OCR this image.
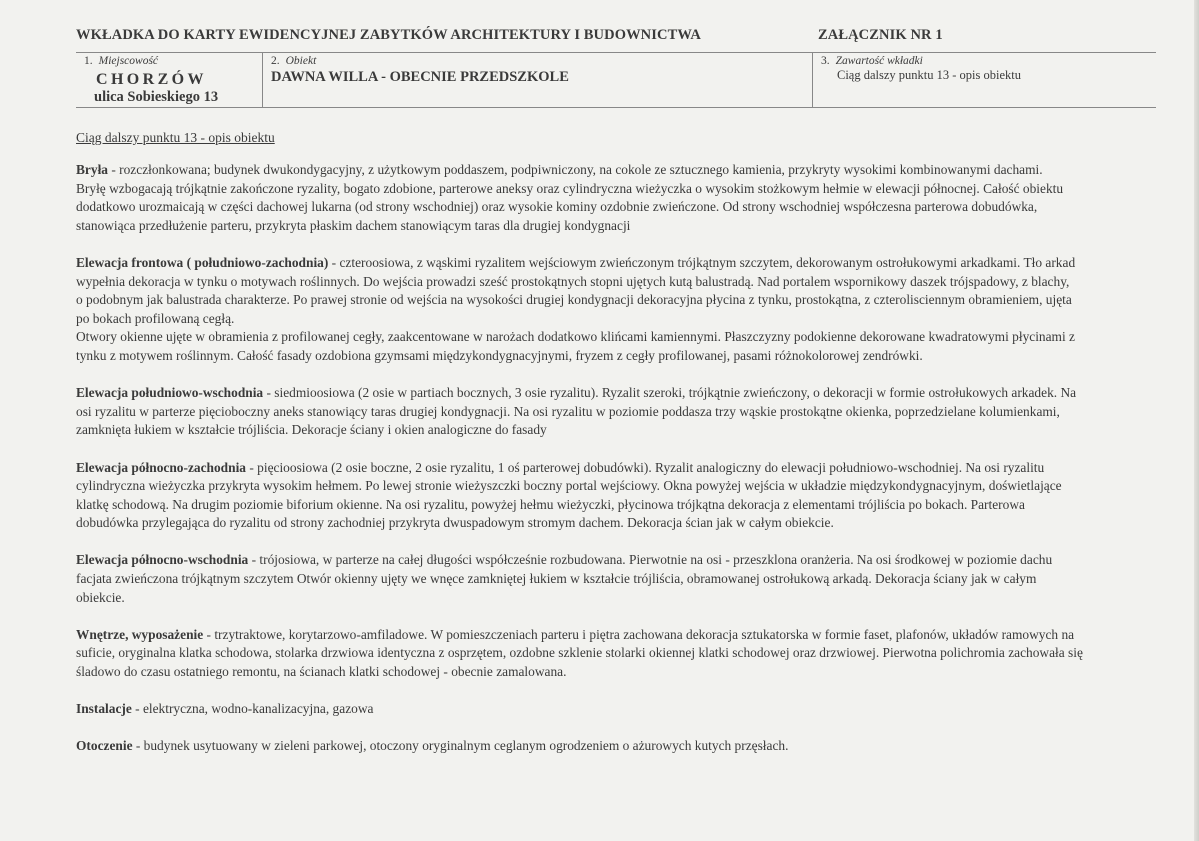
WKŁADKA DO KARTY EWIDENCYJNEJ ZABYTKÓW ARCHITEKTURY I BUDOWNICTWA	ZAŁĄCZNIK NR 1
1. Miejscowość
CHORZÓW
ulica Sobieskiego 13
2. Obiekt
DAWNA WILLA - OBECNIE PRZEDSZKOLE
3. Zawartość wkładki
Ciąg dalszy punktu 13 - opis obiektu
Ciąg dalszy punktu 13 - opis obiektu

Bryła - rozczłonkowana; budynek dwukondygacyjny, z użytkowym poddaszem, podpiwniczony, na cokole ze sztucznego kamienia, przykryty wysokimi kombinowanymi dachami.
Bryłę wzbogacają trójkątnie zakończone ryzality, bogato zdobione, parterowe aneksy oraz cylindryczna wieżyczka o wysokim stożkowym hełmie w elewacji północnej. Całość obiektu
dodatkowo urozmaicają w części dachowej lukarna (od strony wschodniej) oraz wysokie kominy ozdobnie zwieńczone. Od strony wschodniej współczesna parterowa dobudówka,
stanowiąca przedłużenie parteru, przykryta płaskim dachem stanowiącym taras dla drugiej kondygnacji

Elewacja frontowa ( południowo-zachodnia) - czteroosiowa, z wąskimi ryzalitem wejściowym zwieńczonym trójkątnym szczytem, dekorowanym ostrołukowymi arkadkami. Tło arkad
wypełnia dekoracja w tynku o motywach roślinnych. Do wejścia prowadzi sześć prostokątnych stopni ujętych kutą balustradą. Nad portalem wspornikowy daszek trójspadowy, z blachy,
o podobnym jak balustrada charakterze. Po prawej stronie od wejścia na wysokości drugiej kondygnacji dekoracyjna płycina z tynku, prostokątna, z czterolisciennym obramieniem, ujęta
po bokach profilowaną cegłą.
Otwory okienne ujęte w obramienia z profilowanej cegły, zaakcentowane w narożach dodatkowo klińcami kamiennymi. Płaszczyzny podokienne dekorowane kwadratowymi płycinami z
tynku z motywem roślinnym. Całość fasady ozdobiona gzymsami międzykondygnacyjnymi, fryzem z cegły profilowanej, pasami różnokolorowej zendrówki.

Elewacja południowo-wschodnia - siedmioosiowa (2 osie w partiach bocznych, 3 osie ryzalitu). Ryzalit szeroki, trójkątnie zwieńczony, o dekoracji w formie ostrołukowych arkadek. Na
osi ryzalitu w parterze pięcioboczny aneks stanowiący taras drugiej kondygnacji. Na osi ryzalitu w poziomie poddasza trzy wąskie prostokątne okienka, poprzedzielane kolumienkami,
zamknięta łukiem w kształcie trójliścia. Dekoracje ściany i okien analogiczne do fasady

Elewacja północno-zachodnia - pięcioosiowa (2 osie boczne, 2 osie ryzalitu, 1 oś parterowej dobudówki). Ryzalit analogiczny do elewacji południowo-wschodniej. Na osi ryzalitu
cylindryczna wieżyczka przykryta wysokim hełmem. Po lewej stronie wieżyszczki boczny portal wejściowy. Okna powyżej wejścia w układzie międzykondygnacyjnym, doświetlające
klatkę schodową. Na drugim poziomie biforium okienne. Na osi ryzalitu, powyżej hełmu wieżyczki, płycinowa trójkątna dekoracja z elementami trójliścia po bokach. Parterowa
dobudówka przylegająca do ryzalitu od strony zachodniej przykryta dwuspadowym stromym dachem. Dekoracja ścian jak w całym obiekcie.

Elewacja północno-wschodnia - trójosiowa, w parterze na całej długości współcześnie rozbudowana. Pierwotnie na osi - przeszklona oranżeria. Na osi środkowej w poziomie dachu
facjata zwieńczona trójkątnym szczytem Otwór okienny ujęty we wnęce zamkniętej łukiem w kształcie trójliścia, obramowanej ostrołukową arkadą. Dekoracja ściany jak w całym
obiekcie.

Wnętrze, wyposażenie - trzytraktowe, korytarzowo-amfiladowe. W pomieszczeniach parteru i piętra zachowana dekoracja sztukatorska w formie faset, plafonów, układów ramowych na
suficie, oryginalna klatka schodowa, stolarka drzwiowa identyczna z osprzętem, ozdobne szklenie stolarki okiennej klatki schodowej oraz drzwiowej. Pierwotna polichromia zachowała się
śladowo do czasu ostatniego remontu, na ścianach klatki schodowej - obecnie zamalowana.

Instalacje - elektryczna, wodno-kanalizacyjna, gazowa

Otoczenie - budynek usytuowany w zieleni parkowej, otoczony oryginalnym ceglanym ogrodzeniem o ażurowych kutych przęsłach.
